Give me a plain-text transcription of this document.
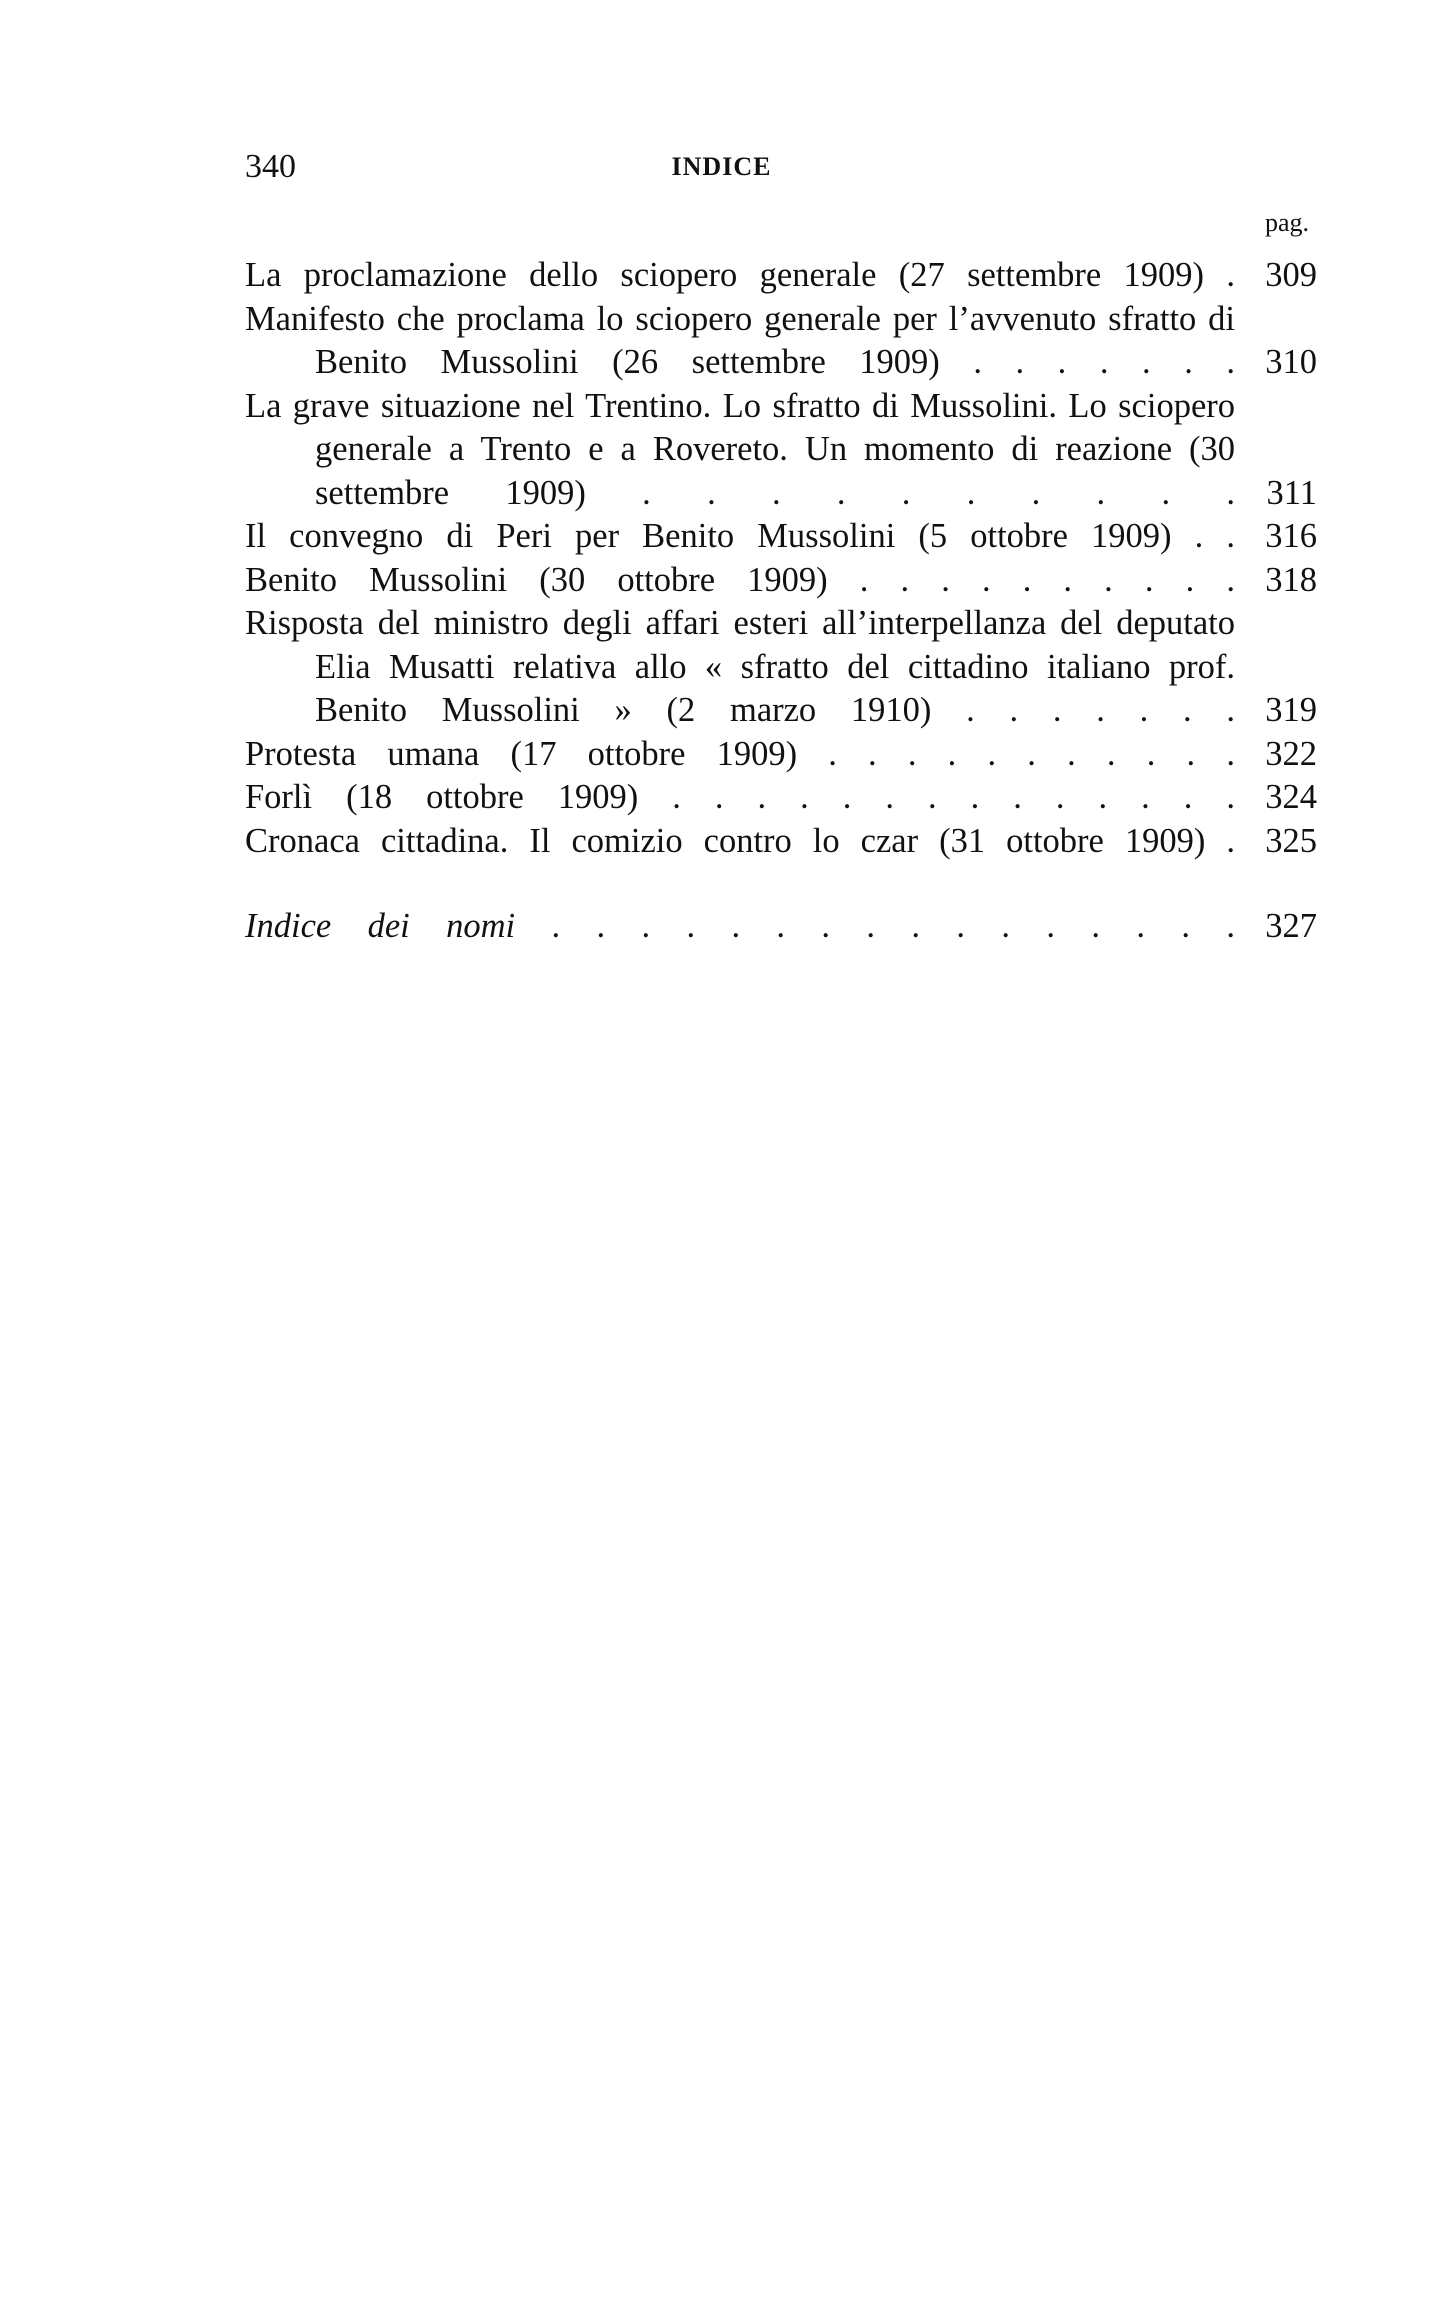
340	INDICE
pag.
La proclamazione dello sciopero generale (27 settembre 1909) . 309
Manifesto che proclama lo sciopero generale per l’avvenuto sfratto di Benito Mussolini (26 settembre 1909) . . . . . . . 310
La grave situazione nel Trentino. Lo sfratto di Mussolini. Lo sciopero generale a Trento e a Rovereto. Un momento di reazione (30 settembre 1909) . . . . . . . . . . 311
Il convegno di Peri per Benito Mussolini (5 ottobre 1909) . . 316
Benito Mussolini (30 ottobre 1909) . . . . . . . . . . 318
Risposta del ministro degli affari esteri all’interpellanza del deputato Elia Musatti relativa allo « sfratto del cittadino italiano prof. Benito Mussolini » (2 marzo 1910) . . . . . . . 319
Protesta umana (17 ottobre 1909) . . . . . . . . . . . 322
Forlì (18 ottobre 1909) . . . . . . . . . . . . . . 324
Cronaca cittadina. Il comizio contro lo czar (31 ottobre 1909) . 325
Indice dei nomi . . . . . . . . . . . . . . . . 327
